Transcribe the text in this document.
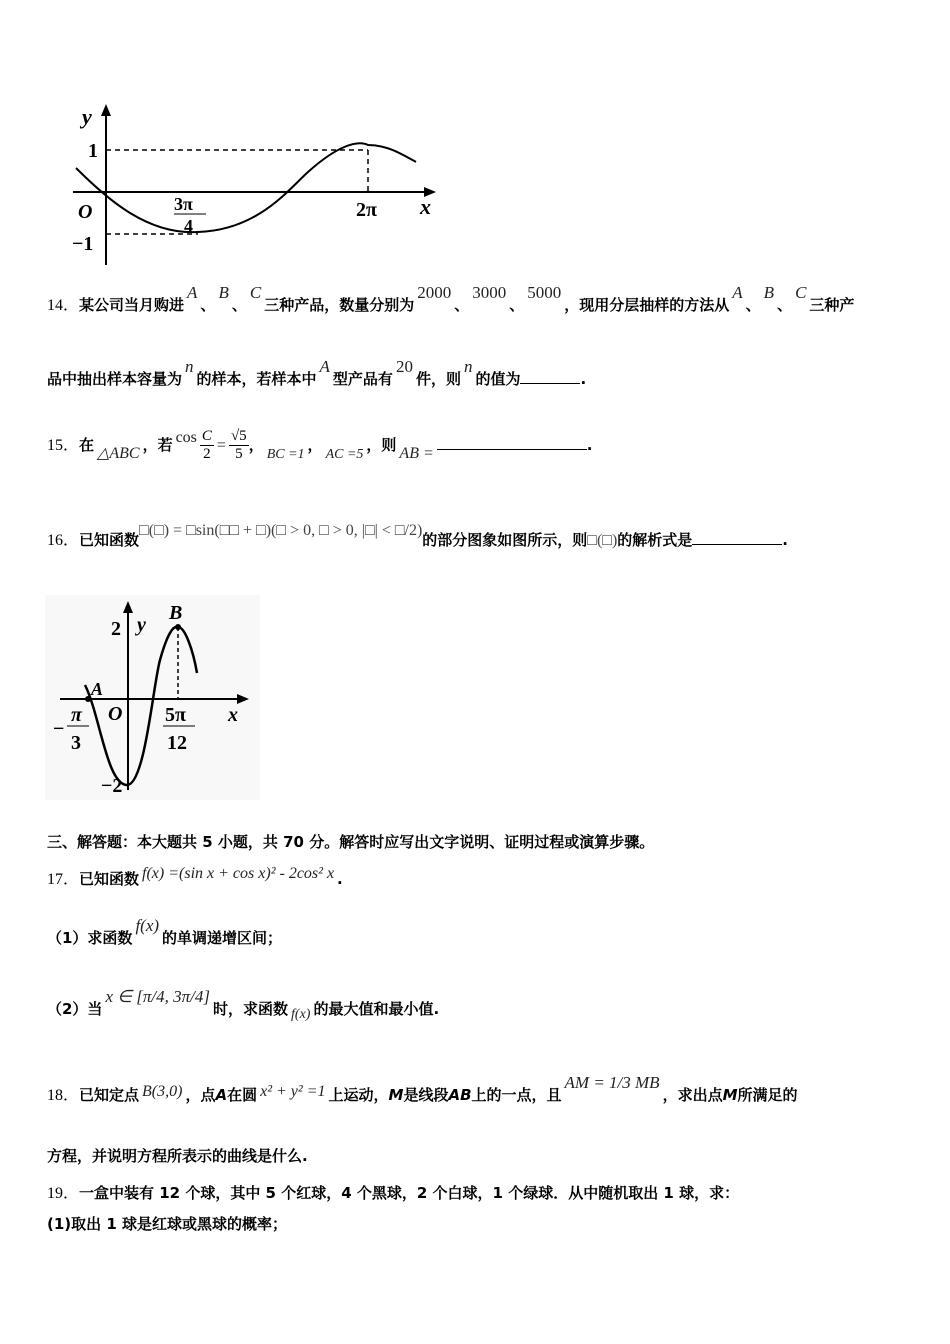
y
x
O
1
−1
3π
4
2π
14．某公司当月购进A、B、C三种产品，数量分别为2000、3000、5000，现用分层抽样的方法从A、B、C三种产
品中抽出样本容量为n的样本，若样本中A型产品有20件，则n的值为	.
15．在 △ABC ，若 $\cos \frac{C}{2} = \frac{√5}{5}$ ，BC =1，AC =5，则 AB =	.
16．已知函数□(□) = □sin(□□ + □)(□ > 0, □ > 0, |□| < □/2)的部分图象如图所示，则□(□)的解析式是	.
y
x
O
A
B
2
−2
−
π
3
5π
12
三、解答题：本大题共 5 小题，共 70 分。解答时应写出文字说明、证明过程或演算步骤。
17．已知函数 f(x) =(sin x + cos x)² - 2cos² x .
（1）求函数f(x)的单调递增区间；
（2）当x ∈ [π/4, 3π/4]时，求函数 f(x) 的最大值和最小值.
18．已知定点 B(3,0) ，点A在圆 x² + y² =1 上运动，M是线段AB上的一点，且AM = 1/3 MB，求出点M所满足的
方程，并说明方程所表示的曲线是什么.
19．一盒中装有 12 个球，其中 5 个红球，4 个黑球，2 个白球，1 个绿球．从中随机取出 1 球，求：
(1)取出 1 球是红球或黑球的概率；
